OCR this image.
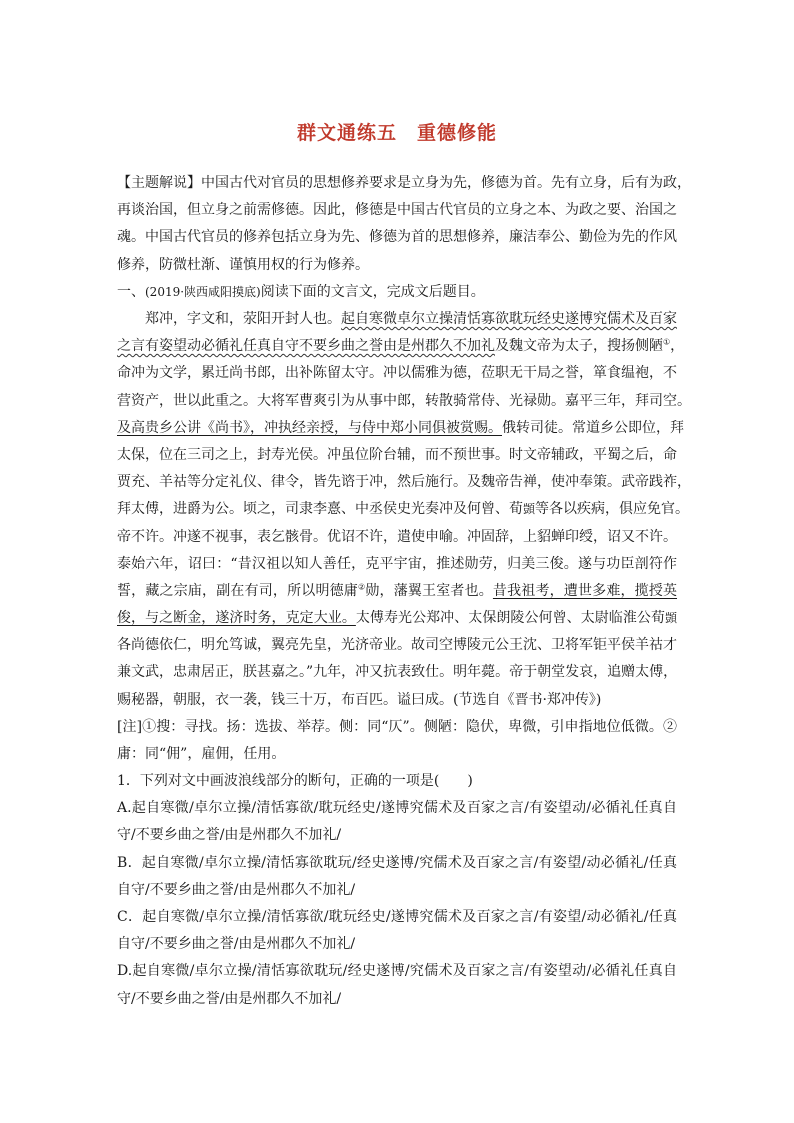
群文通练五　重德修能
【主题解说】中国古代对官员的思想修养要求是立身为先，修德为首。先有立身，后有为政，
再谈治国，但立身之前需修德。因此，修德是中国古代官员的立身之本、为政之要、治国之
魂。中国古代官员的修养包括立身为先、修德为首的思想修养，廉洁奉公、勤俭为先的作风
修养，防微杜渐、谨慎用权的行为修养。
一、(2019·陕西咸阳摸底)阅读下面的文言文，完成文后题目。
郑冲，字文和，荥阳开封人也。起自寒微卓尔立操清恬寡欲耽玩经史遂博究儒术及百家
之言有姿望动必循礼任真自守不要乡曲之誉由是州郡久不加礼及魏文帝为太子，搜扬侧陋①，
命冲为文学，累迁尚书郎，出补陈留太守。冲以儒雅为德，莅职无干局之誉，箪食缊袍，不
营资产，世以此重之。大将军曹爽引为从事中郎，转散骑常侍、光禄勋。嘉平三年，拜司空。
及高贵乡公讲《尚书》，冲执经亲授，与侍中郑小同俱被赏赐。俄转司徒。常道乡公即位，拜
太保，位在三司之上，封寿光侯。冲虽位阶台辅，而不预世事。时文帝辅政，平蜀之后，命
贾充、羊祜等分定礼仪、律令，皆先谘于冲，然后施行。及魏帝告禅，使冲奉策。武帝践祚，
拜太傅，进爵为公。顷之，司隶李憙、中丞侯史光奏冲及何曾、荀顗等各以疾病，俱应免官。
帝不许。冲遂不视事，表乞骸骨。优诏不许，遣使申喻。冲固辞，上貂蝉印绶，诏又不许。
泰始六年，诏曰：“昔汉祖以知人善任，克平宇宙，推述勋劳，归美三俊。遂与功臣剖符作
誓，藏之宗庙，副在有司，所以明德庸②勋，藩翼王室者也。昔我祖考，遭世多难，揽授英
俊，与之断金，遂济时务，克定大业。太傅寿光公郑冲、太保朗陵公何曾、太尉临淮公荀顗
各尚德依仁，明允笃诚，翼亮先皇，光济帝业。故司空博陵元公王沈、卫将军钜平侯羊祜才
兼文武，忠肃居正，朕甚嘉之。”九年，冲又抗表致仕。明年薨。帝于朝堂发哀，追赠太傅，
赐秘器，朝服，衣一袭，钱三十万，布百匹。谥曰成。(节选自《晋书·郑冲传》)
[注]①搜：寻找。扬：选拔、举荐。侧：同“仄”。侧陋：隐伏，卑微，引申指地位低微。②
庸：同“佣”，雇佣，任用。
1．下列对文中画波浪线部分的断句，正确的一项是(　　)
A.起自寒微/卓尔立操/清恬寡欲/耽玩经史/遂博究儒术及百家之言/有姿望动/必循礼任真自
守/不要乡曲之誉/由是州郡久不加礼/
B．起自寒微/卓尔立操/清恬寡欲耽玩/经史遂博/究儒术及百家之言/有姿望/动必循礼/任真
自守/不要乡曲之誉/由是州郡久不加礼/
C．起自寒微/卓尔立操/清恬寡欲/耽玩经史/遂博究儒术及百家之言/有姿望/动必循礼/任真
自守/不要乡曲之誉/由是州郡久不加礼/
D.起自寒微/卓尔立操/清恬寡欲耽玩/经史遂博/究儒术及百家之言/有姿望动/必循礼任真自
守/不要乡曲之誉/由是州郡久不加礼/
